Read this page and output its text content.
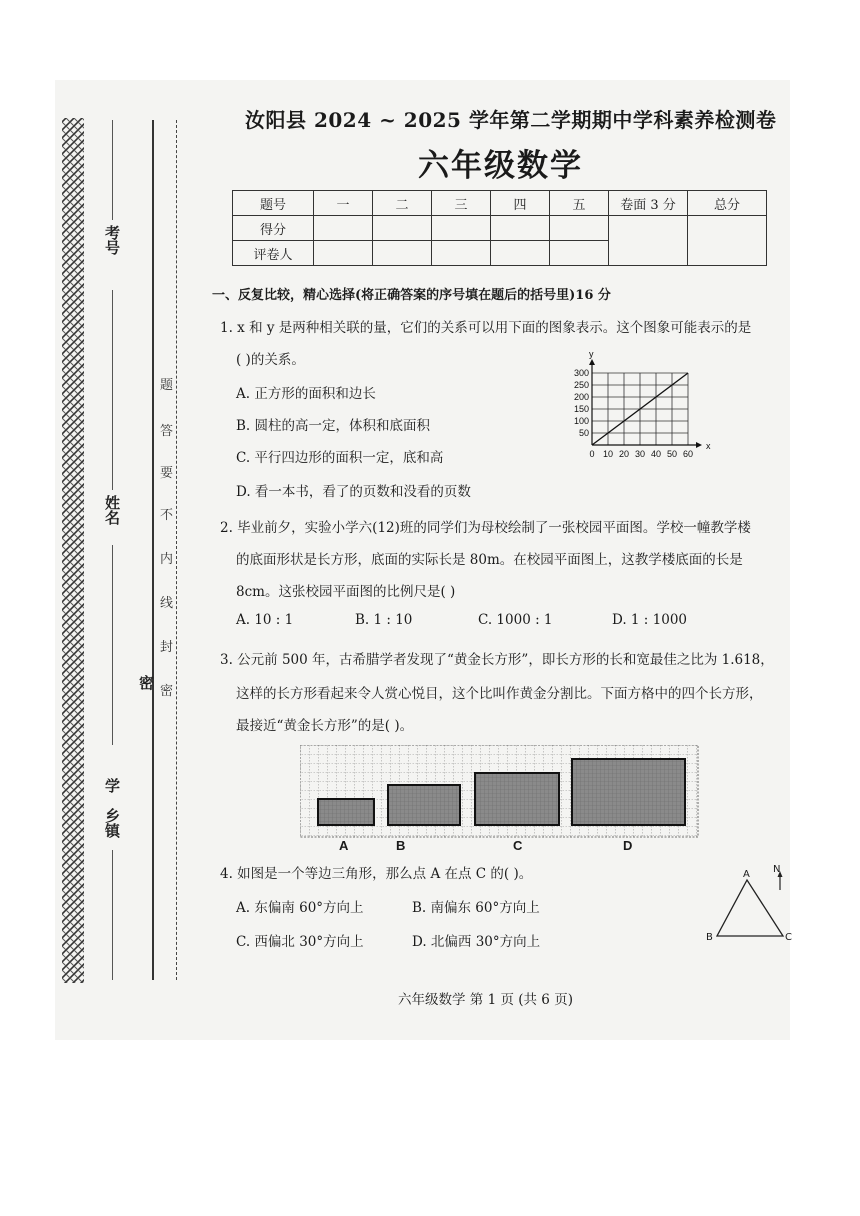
考号
姓名
学
乡镇
密
题
答
要
不
内
线
封
密
汝阳县 2024 ~ 2025 学年第二学期期中学科素养检测卷
六年级数学
题号	一	二	三	四	五	卷面 3 分	总分
得分							
评卷人							
一、反复比较，精心选择(将正确答案的序号填在题后的括号里)16 分
1. x 和 y 是两种相关联的量，它们的关系可以用下面的图象表示。这个图象可能表示的是
( )的关系。
A. 正方形的面积和边长
B. 圆柱的高一定，体积和底面积
C. 平行四边形的面积一定，底和高
D. 看一本书，看了的页数和没看的页数
0 10 20 30 40 50 60
50
100
150
200
250
300
x
y
2. 毕业前夕，实验小学六(12)班的同学们为母校绘制了一张校园平面图。学校一幢教学楼
的底面形状是长方形，底面的实际长是 80m。在校园平面图上，这教学楼底面的长是
8cm。这张校园平面图的比例尺是( )
A. 10 : 1	B. 1 : 10	C. 1000 : 1	D. 1 : 1000
3. 公元前 500 年，古希腊学者发现了“黄金长方形”，即长方形的长和宽最佳之比为 1.618，
这样的长方形看起来令人赏心悦目，这个比叫作黄金分割比。下面方格中的四个长方形，
最接近“黄金长方形”的是( )。
A	B	C	D
4. 如图是一个等边三角形，那么点 A 在点 C 的( )。
A. 东偏南 60°方向上	B. 南偏东 60°方向上
C. 西偏北 30°方向上	D. 北偏西 30°方向上
A
B	C
N
六年级数学 第 1 页 (共 6 页)
